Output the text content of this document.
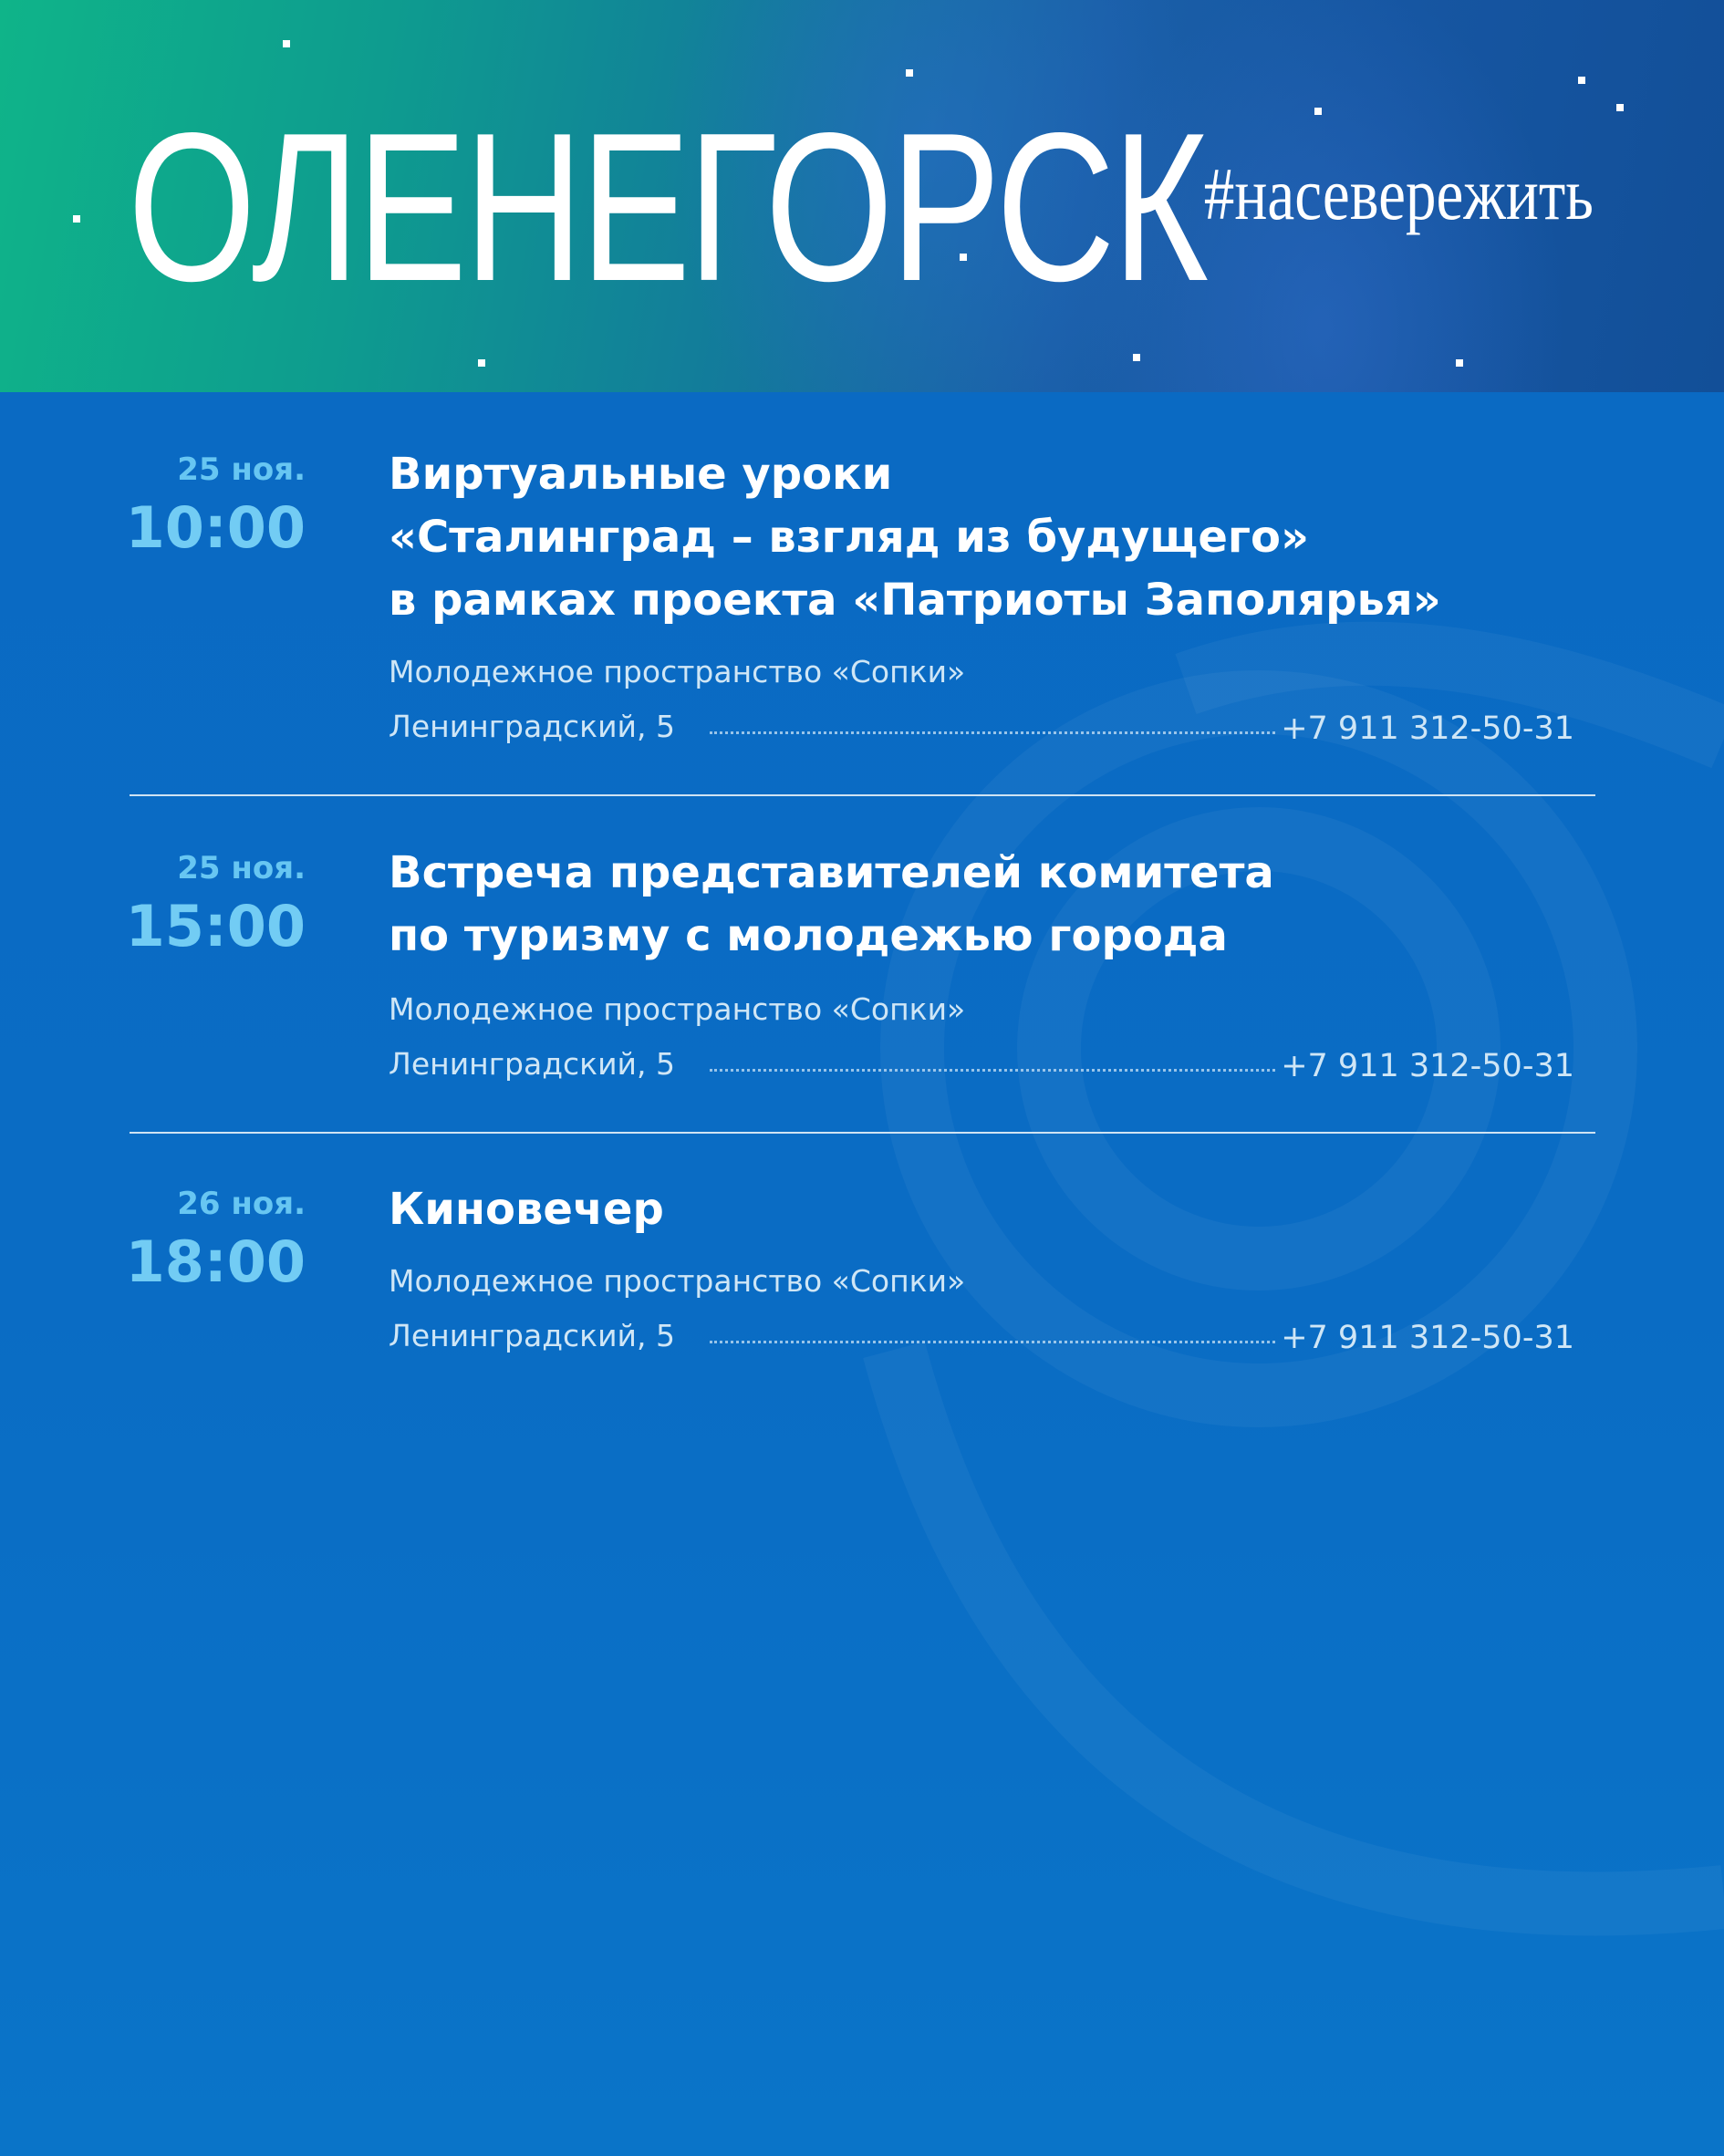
ОЛЕНЕГОРСК
#насевережить
25 ноя.
10:00
Виртуальные уроки
«Сталинград – взгляд из будущего»
в рамках проекта «Патриоты Заполярья»
Молодежное пространство «Сопки»
Ленинградский, 5	+7 911 312-50-31
25 ноя.
15:00
Встреча представителей комитета
по туризму с молодежью города
Молодежное пространство «Сопки»
Ленинградский, 5	+7 911 312-50-31
26 ноя.
18:00
Киновечер
Молодежное пространство «Сопки»
Ленинградский, 5	+7 911 312-50-31
